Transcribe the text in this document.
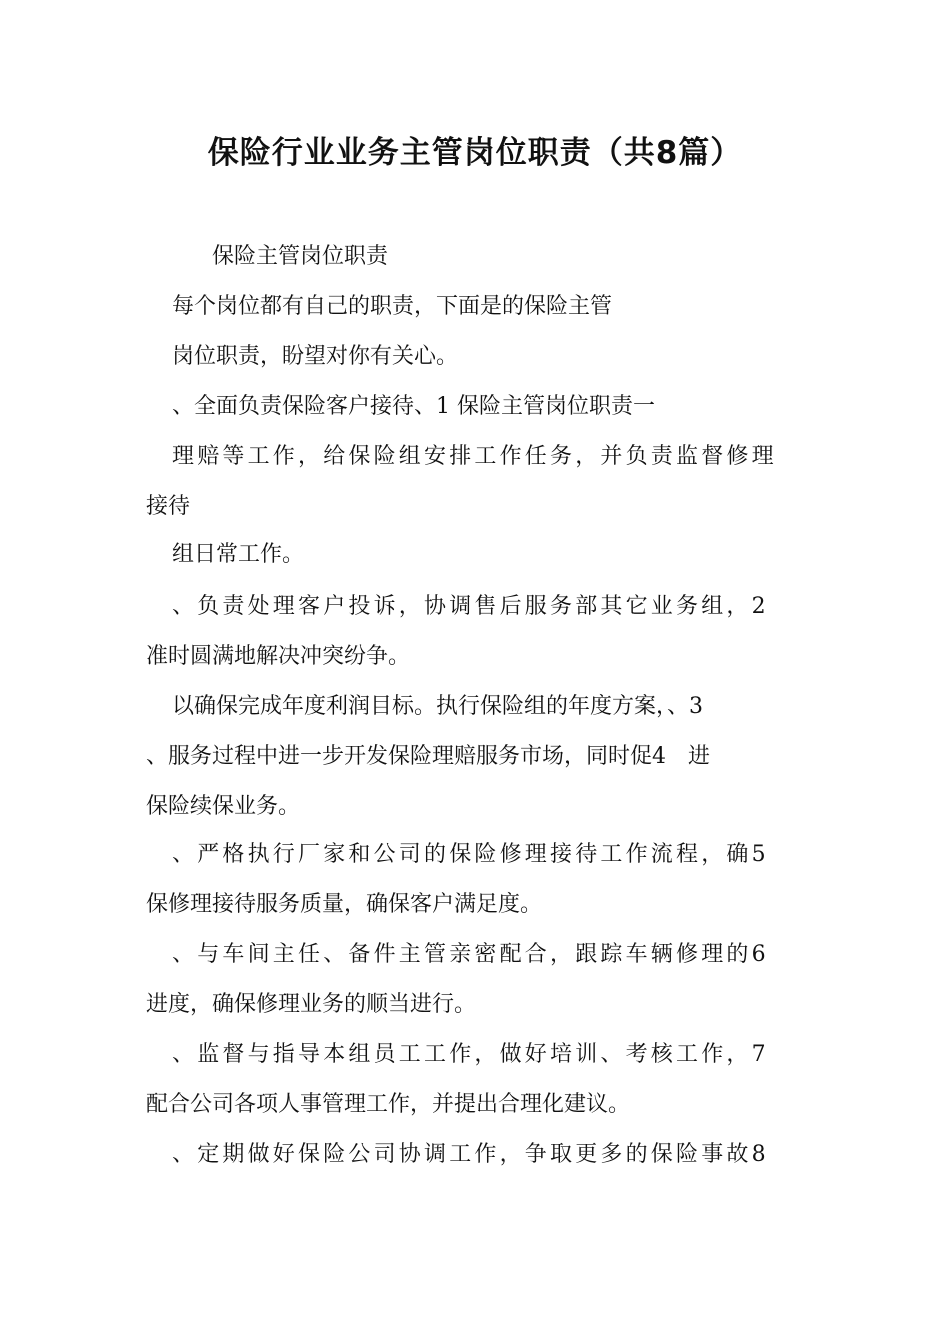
保险行业业务主管岗位职责（共8篇）
保险主管岗位职责
每个岗位都有自己的职责，下面是的保险主管
岗位职责，盼望对你有关心。
、全面负责保险客户接待、1 保险主管岗位职责一
理赔等工作，给保险组安排工作任务，并负责监督修理
接待
组日常工作。
、负责处理客户投诉，协调售后服务部其它业务组，2
准时圆满地解决冲突纷争。
以确保完成年度利润目标。执行保险组的年度方案，、3
、服务过程中进一步开发保险理赔服务市场，同时促4　进
保险续保业务。
、严格执行厂家和公司的保险修理接待工作流程，确5
保修理接待服务质量，确保客户满足度。
、与车间主任、备件主管亲密配合，跟踪车辆修理的6
进度，确保修理业务的顺当进行。
、监督与指导本组员工工作，做好培训、考核工作，7
配合公司各项人事管理工作，并提出合理化建议。
、定期做好保险公司协调工作，争取更多的保险事故8
